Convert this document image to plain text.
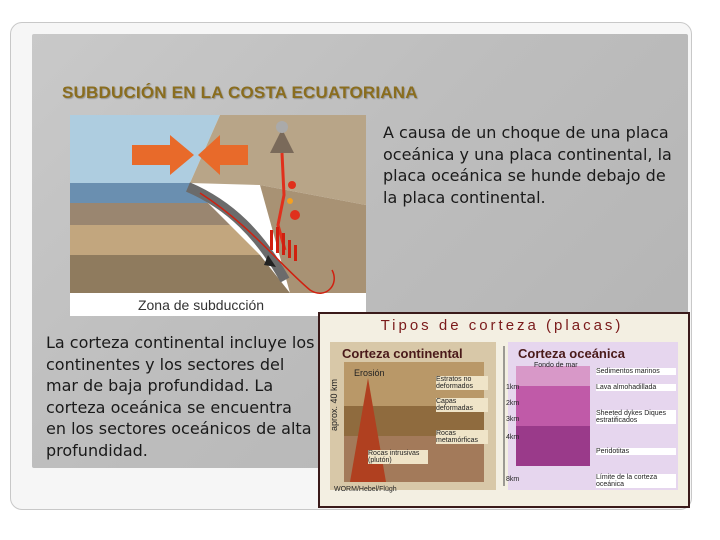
SUBDUCIÓN EN LA COSTA ECUATORIANA
Zona de subducción
A causa de un choque de una placa oceánica y una placa continental, la placa oceánica se hunde debajo de la placa continental.
La corteza continental incluye los continentes y los sectores del mar de baja profundidad. La corteza oceánica se encuentra en los sectores oceánicos de alta profundidad.
Tipos de corteza (placas)
Corteza continental	Corteza oceánica
aprox. 40 km
Erosión
Estratos no deformados
Capas deformadas
Rocas metamórficas
Rocas intrusivas (plutón)
WORM/Hebel/Flügh
Fondo de mar
Sedimentos marinos
Lava almohadillada
Sheeted dykes Diques estratificados
Peridotitas
Límite de la corteza oceánica
1km
2km
3km
4km
8km
